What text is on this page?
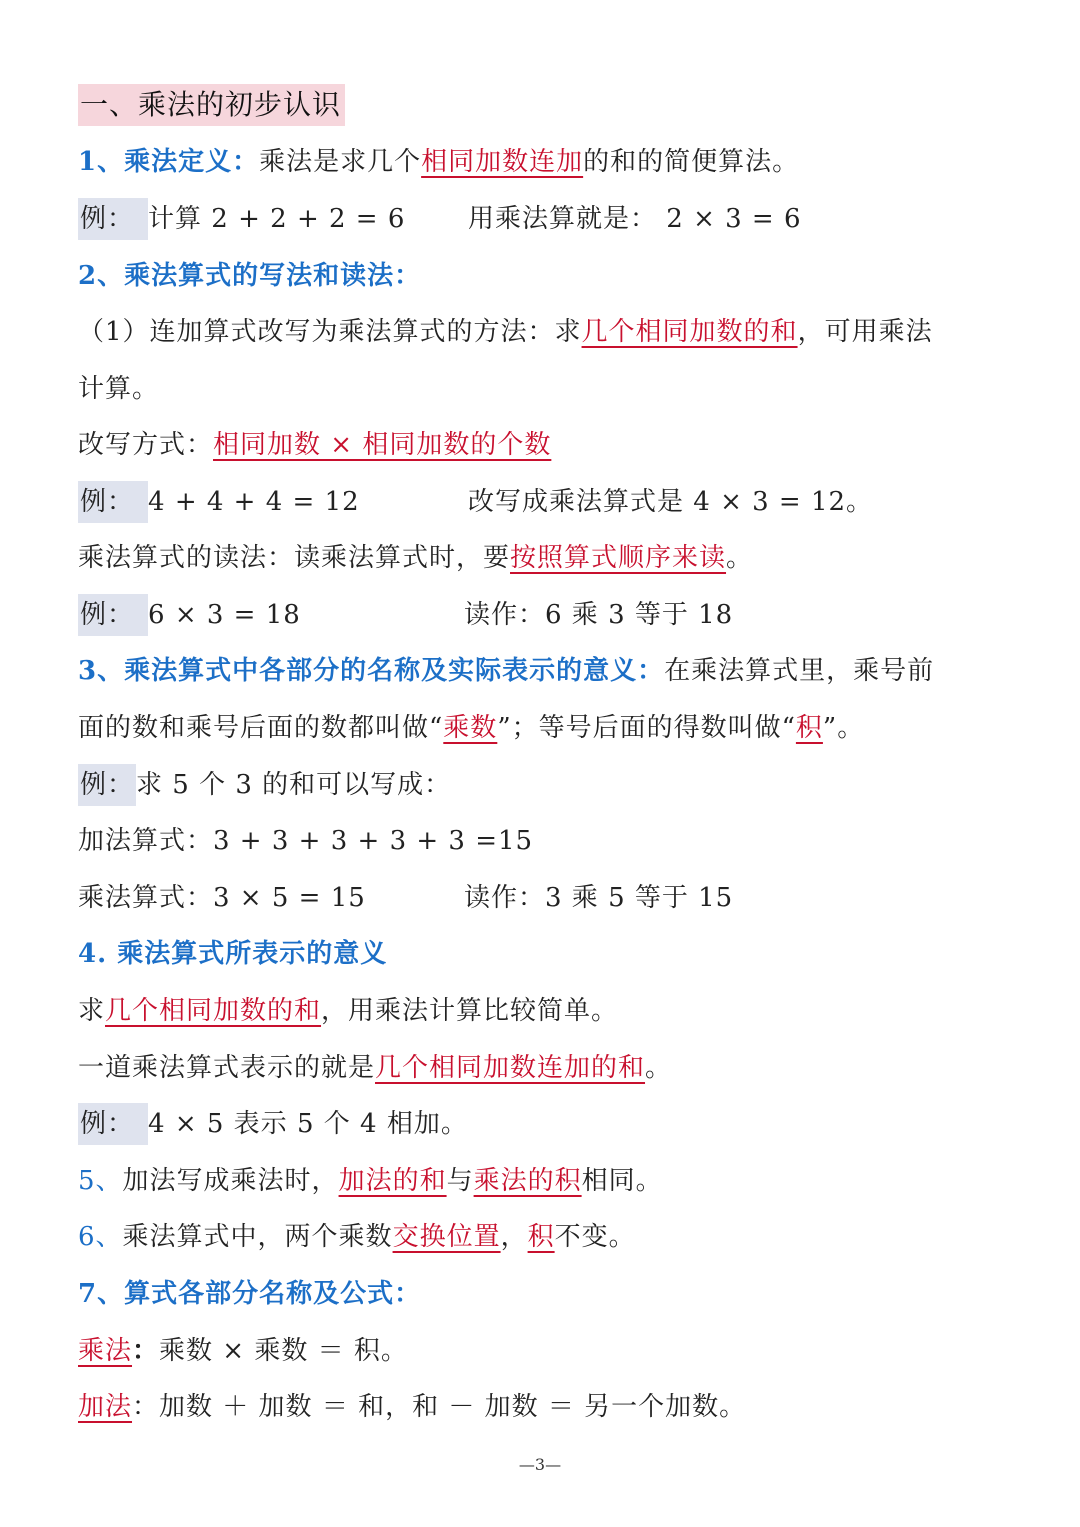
一、乘法的初步认识
1、乘法定义：乘法是求几个相同加数连加的和的简便算法。
例： 计算 2 + 2 + 2 = 6 用乘法算就是： 2 × 3 = 6
2、乘法算式的写法和读法：
（1）连加算式改写为乘法算式的方法：求几个相同加数的和，可用乘法
计算。
改写方式：相同加数 × 相同加数的个数
例： 4 + 4 + 4 = 12	改写成乘法算式是 4 × 3 = 12。
乘法算式的读法：读乘法算式时，要按照算式顺序来读。
例： 6 × 3 = 18	读作：6 乘 3 等于 18
3、乘法算式中各部分的名称及实际表示的意义：在乘法算式里，乘号前
面的数和乘号后面的数都叫做“乘数”；等号后面的得数叫做“积”。
例：求 5 个 3 的和可以写成：
加法算式：3 + 3 + 3 + 3 + 3 =15
乘法算式：3 × 5 = 15	读作：3 乘 5 等于 15
4. 乘法算式所表示的意义
求几个相同加数的和，用乘法计算比较简单。
一道乘法算式表示的就是几个相同加数连加的和。
例： 4 × 5 表示 5 个 4 相加。
5、加法写成乘法时，加法的和与乘法的积相同。
6、乘法算式中，两个乘数交换位置，积不变。
7、算式各部分名称及公式：
乘法：乘数 × 乘数 ＝ 积。
加法：加数 ＋ 加数 ＝ 和，和 － 加数 ＝ 另一个加数。
—3—
